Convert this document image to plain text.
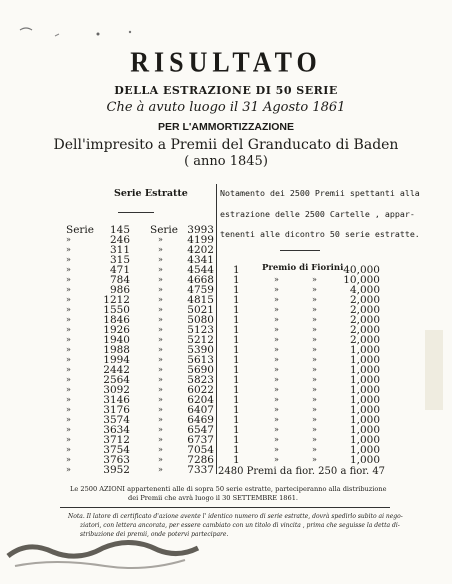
RISULTATO
DELLA ESTRAZIONE DI 50 SERIE
Che à avuto luogo il 31 Agosto 1861
PER L'AMMORTIZZAZIONE
Dell'impresito a Premii del Granducato di Baden
( anno 1845)
Serie Estratte	Notamento dei 2500 Premii spettanti alla
estrazione delle 2500 Cartelle , appar-
tenenti alle dicontro 50 serie estratte.
Serie	Serie
»
»
»
»
»
»
»
»
»
»
»
»
»
»
»
»
»
»
»
»
»
»
»
»
145
246
311
315
471
784
986
1212
1550
1846
1926
1940
1988
1994
2442
2564
3092
3146
3176
3574
3634
3712
3754
3763
3952
»
»
»
»
»
»
»
»
»
»
»
»
»
»
»
»
»
»
»
»
»
»
»
»
3993
4199
4202
4341
4544
4668
4759
4815
5021
5080
5123
5212
5390
5613
5690
5823
6022
6204
6407
6469
6547
6737
7054
7286
7337
Premio di Fiorini
1
1
1
1
1
1
1
1
1
1
1
1
1
1
1
1
1
1
1
1
»
»
»
»
»
»
»
»
»
»
»
»
»
»
»
»
»
»
»
»
»
»
»
»
»
»
»
»
»
»
»
»
»
»
»
»
»
»
40,000
10,000
4,000
2,000
2,000
2,000
2,000
2,000
1,000
1,000
1,000
1,000
1,000
1,000
1,000
1,000
1,000
1,000
1,000
1,000
2480 Premi da fior. 250 a fior. 47
Le 2500 AZIONI appartenenti alle di sopra 50 serie estratte, parteciperanno alla distribuzione
dei Premii che avrà luogo il 30 SETTEMBRE 1861.
Nota. Il latore di certificato d'azione avente l' identico numero di serie estratte, dovrà spedirlo subito ai nego-
ziatori, con lettera ancorata, per essere cambiato con un titolo di vincita , prima che seguisse la detta di-
stribuzione dei premii, onde potervi partecipare.
